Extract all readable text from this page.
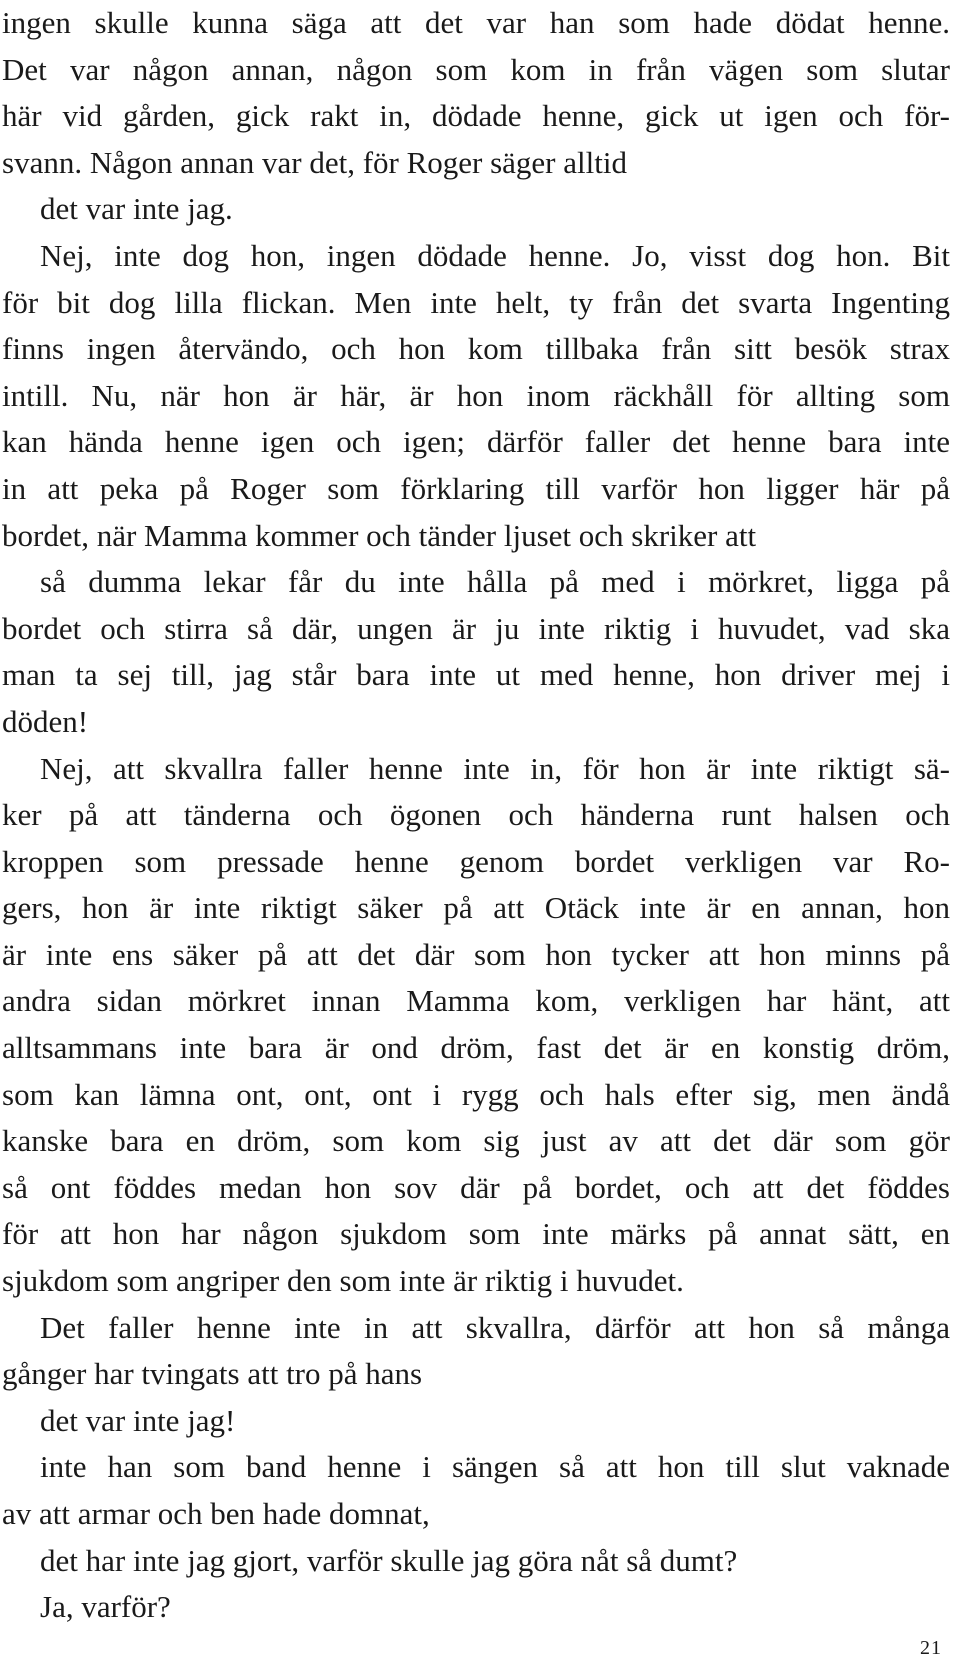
ingen skulle kunna säga att det var han som hade dödat henne.
Det var någon annan, någon som kom in från vägen som slutar
här vid gården, gick rakt in, dödade henne, gick ut igen och för-
svann. Någon annan var det, för Roger säger alltid
det var inte jag.
Nej, inte dog hon, ingen dödade henne. Jo, visst dog hon. Bit
för bit dog lilla flickan. Men inte helt, ty från det svarta Ingenting
finns ingen återvändo, och hon kom tillbaka från sitt besök strax
intill. Nu, när hon är här, är hon inom räckhåll för allting som
kan hända henne igen och igen; därför faller det henne bara inte
in att peka på Roger som förklaring till varför hon ligger här på
bordet, när Mamma kommer och tänder ljuset och skriker att
så dumma lekar får du inte hålla på med i mörkret, ligga på
bordet och stirra så där, ungen är ju inte riktig i huvudet, vad ska
man ta sej till, jag står bara inte ut med henne, hon driver mej i
döden!
Nej, att skvallra faller henne inte in, för hon är inte riktigt sä-
ker på att tänderna och ögonen och händerna runt halsen och
kroppen som pressade henne genom bordet verkligen var Ro-
gers, hon är inte riktigt säker på att Otäck inte är en annan, hon
är inte ens säker på att det där som hon tycker att hon minns på
andra sidan mörkret innan Mamma kom, verkligen har hänt, att
alltsammans inte bara är ond dröm, fast det är en konstig dröm,
som kan lämna ont, ont, ont i rygg och hals efter sig, men ändå
kanske bara en dröm, som kom sig just av att det där som gör
så ont föddes medan hon sov där på bordet, och att det föddes
för att hon har någon sjukdom som inte märks på annat sätt, en
sjukdom som angriper den som inte är riktig i huvudet.
Det faller henne inte in att skvallra, därför att hon så många
gånger har tvingats att tro på hans
det var inte jag!
inte han som band henne i sängen så att hon till slut vaknade
av att armar och ben hade domnat,
det har inte jag gjort, varför skulle jag göra nåt så dumt?
Ja, varför?
21
